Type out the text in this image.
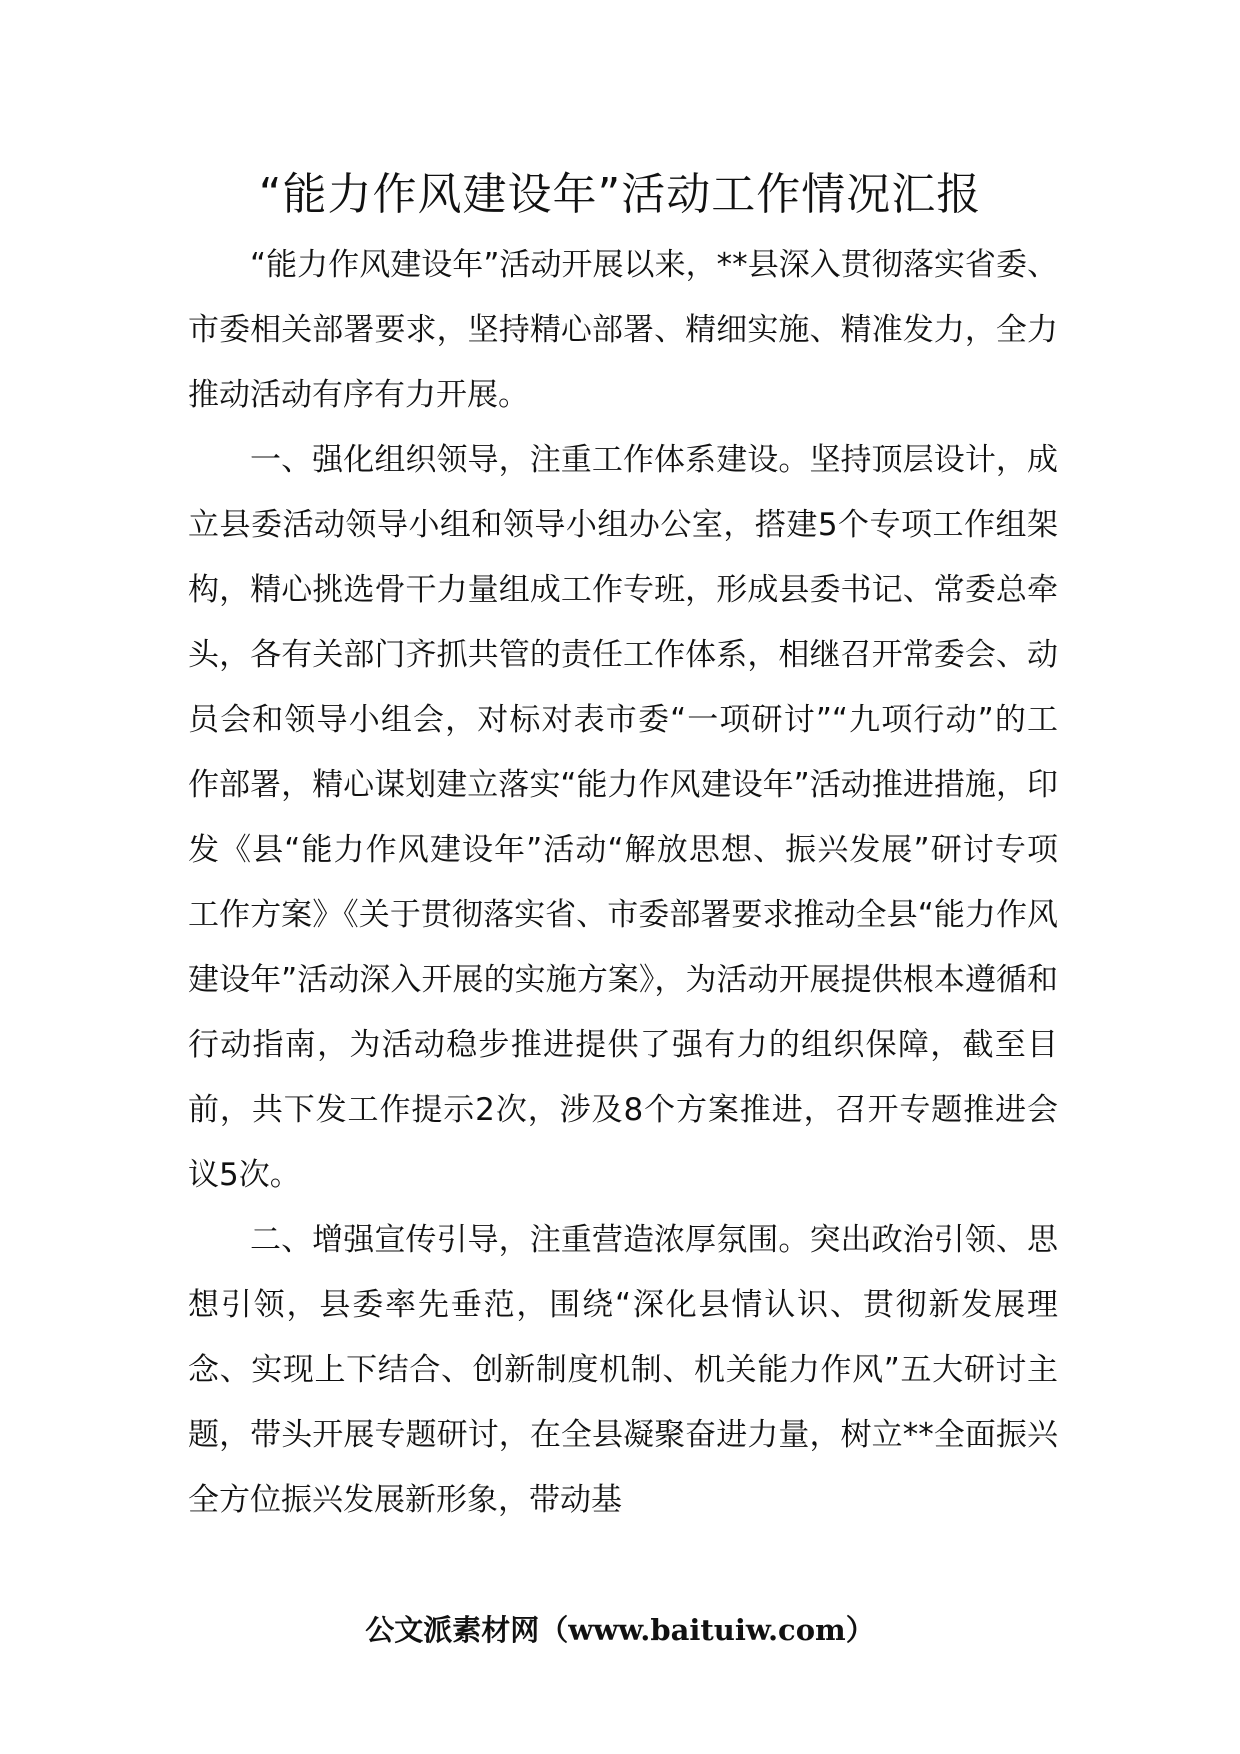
“能力作风建设年”活动工作情况汇报

“能力作风建设年”活动开展以来，**县深入贯彻落实省委、市委相关部署要求，坚持精心部署、精细实施、精准发力，全力推动活动有序有力开展。

一、强化组织领导，注重工作体系建设。坚持顶层设计，成立县委活动领导小组和领导小组办公室，搭建5个专项工作组架构，精心挑选骨干力量组成工作专班，形成县委书记、常委总牵头，各有关部门齐抓共管的责任工作体系，相继召开常委会、动员会和领导小组会，对标对表市委“一项研讨”“九项行动”的工作部署，精心谋划建立落实“能力作风建设年”活动推进措施，印发《县“能力作风建设年”活动“解放思想、振兴发展”研讨专项工作方案》《关于贯彻落实省、市委部署要求推动全县“能力作风建设年”活动深入开展的实施方案》，为活动开展提供根本遵循和行动指南，为活动稳步推进提供了强有力的组织保障，截至目前，共下发工作提示2次，涉及8个方案推进，召开专题推进会议5次。

二、增强宣传引导，注重营造浓厚氛围。突出政治引领、思想引领，县委率先垂范，围绕“深化县情认识、贯彻新发展理念、实现上下结合、创新制度机制、机关能力作风”五大研讨主题，带头开展专题研讨，在全县凝聚奋进力量，树立**全面振兴全方位振兴发展新形象，带动基

公文派素材网（www.baituiw.com）
